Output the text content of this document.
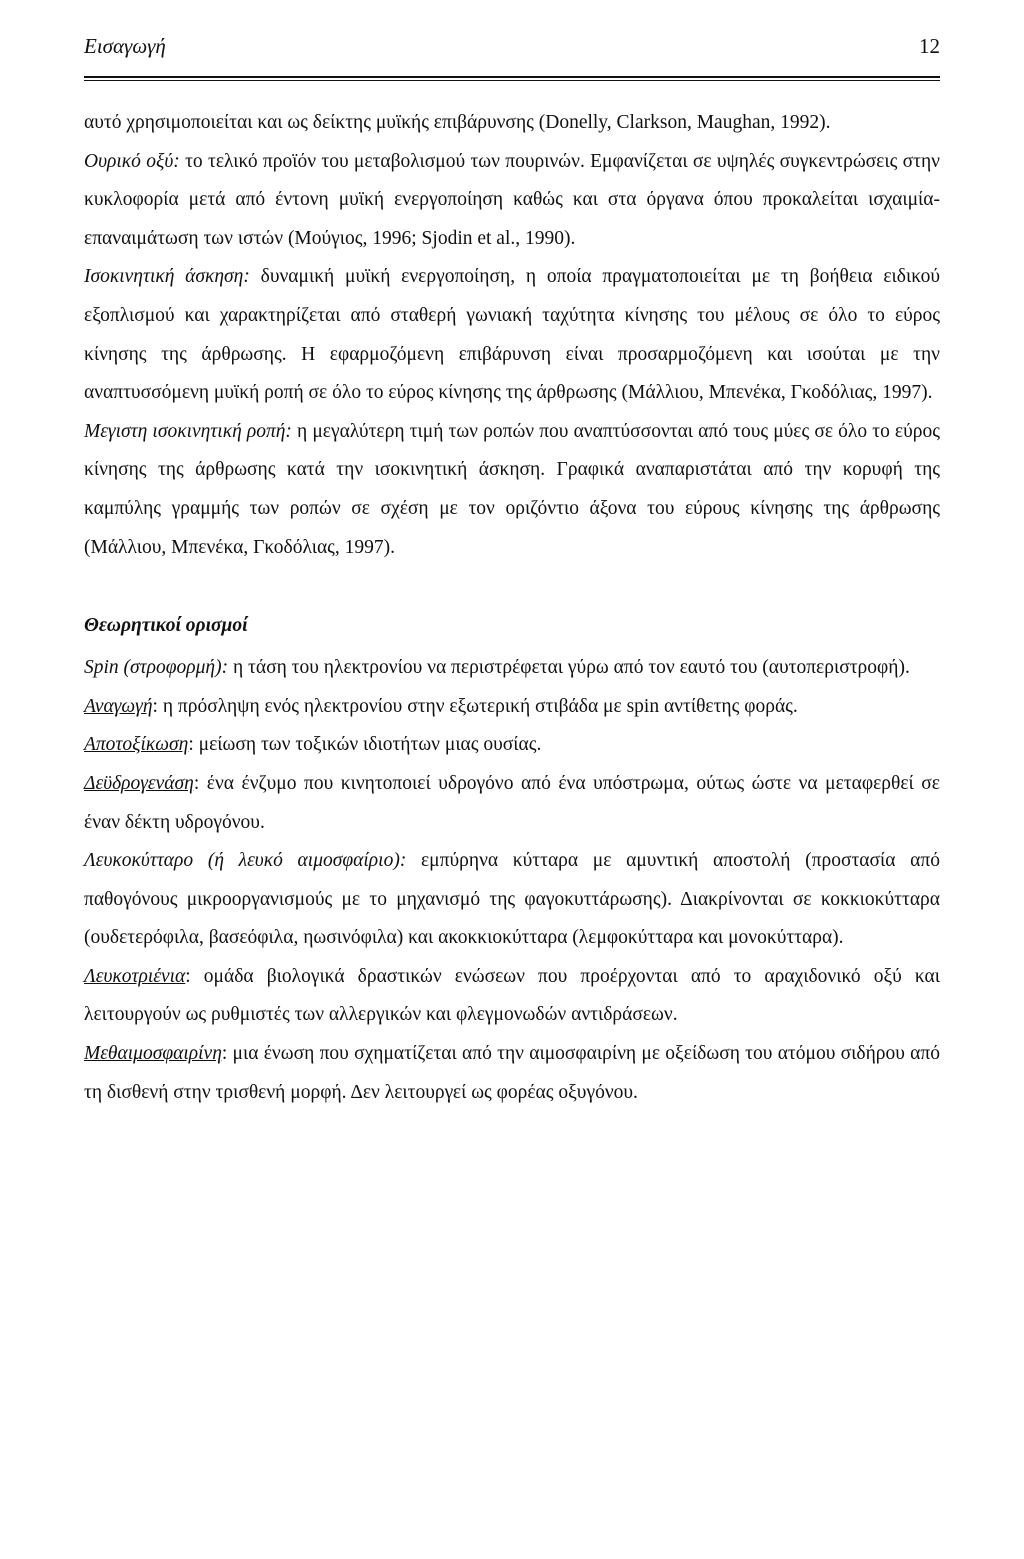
Εισαγωγή	12

αυτό χρησιμοποιείται και ως δείκτης μυϊκής επιβάρυνσης (Donelly, Clarkson, Maughan, 1992).

Ουρικό οξύ: το τελικό προϊόν του μεταβολισμού των πουρινών. Εμφανίζεται σε υψηλές συγκεντρώσεις στην κυκλοφορία μετά από έντονη μυϊκή ενεργοποίηση καθώς και στα όργανα όπου προκαλείται ισχαιμία-επαναιμάτωση των ιστών (Μούγιος, 1996; Sjodin et al., 1990).

Ισοκινητική άσκηση: δυναμική μυϊκή ενεργοποίηση, η οποία πραγματοποιείται με τη βοήθεια ειδικού εξοπλισμού και χαρακτηρίζεται από σταθερή γωνιακή ταχύτητα κίνησης του μέλους σε όλο το εύρος κίνησης της άρθρωσης. Η εφαρμοζόμενη επιβάρυνση είναι προσαρμοζόμενη και ισούται με την αναπτυσσόμενη μυϊκή ροπή σε όλο το εύρος κίνησης της άρθρωσης (Μάλλιου, Μπενέκα, Γκοδόλιας, 1997).

Μεγιστη ισοκινητική ροπή: η μεγαλύτερη τιμή των ροπών που αναπτύσσονται από τους μύες σε όλο το εύρος κίνησης της άρθρωσης κατά την ισοκινητική άσκηση. Γραφικά αναπαριστάται από την κορυφή της καμπύλης γραμμής των ροπών σε σχέση με τον οριζόντιο άξονα του εύρους κίνησης της άρθρωσης (Μάλλιου, Μπενέκα, Γκοδόλιας, 1997).

Θεωρητικοί ορισμοί

Spin (στροφορμή): η τάση του ηλεκτρονίου να περιστρέφεται γύρω από τον εαυτό του (αυτοπεριστροφή).

Αναγωγή: η πρόσληψη ενός ηλεκτρονίου στην εξωτερική στιβάδα με spin αντίθετης φοράς.

Αποτοξίκωση: μείωση των τοξικών ιδιοτήτων μιας ουσίας.

Δεϋδρογενάση: ένα ένζυμο που κινητοποιεί υδρογόνο από ένα υπόστρωμα, ούτως ώστε να μεταφερθεί σε έναν δέκτη υδρογόνου.

Λευκοκύτταρο (ή λευκό αιμοσφαίριο): εμπύρηνα κύτταρα με αμυντική αποστολή (προστασία από παθογόνους μικροοργανισμούς με το μηχανισμό της φαγοκυττάρωσης). Διακρίνονται σε κοκκιοκύτταρα (ουδετερόφιλα, βασεόφιλα, ηωσινόφιλα) και ακοκκιοκύτταρα (λεμφοκύτταρα και μονοκύτταρα).

Λευκοτριένια: ομάδα βιολογικά δραστικών ενώσεων που προέρχονται από το αραχιδονικό οξύ και λειτουργούν ως ρυθμιστές των αλλεργικών και φλεγμονωδών αντιδράσεων.

Μεθαιμοσφαιρίνη: μια ένωση που σχηματίζεται από την αιμοσφαιρίνη με οξείδωση του ατόμου σιδήρου από τη δισθενή στην τρισθενή μορφή. Δεν λειτουργεί ως φορέας οξυγόνου.
